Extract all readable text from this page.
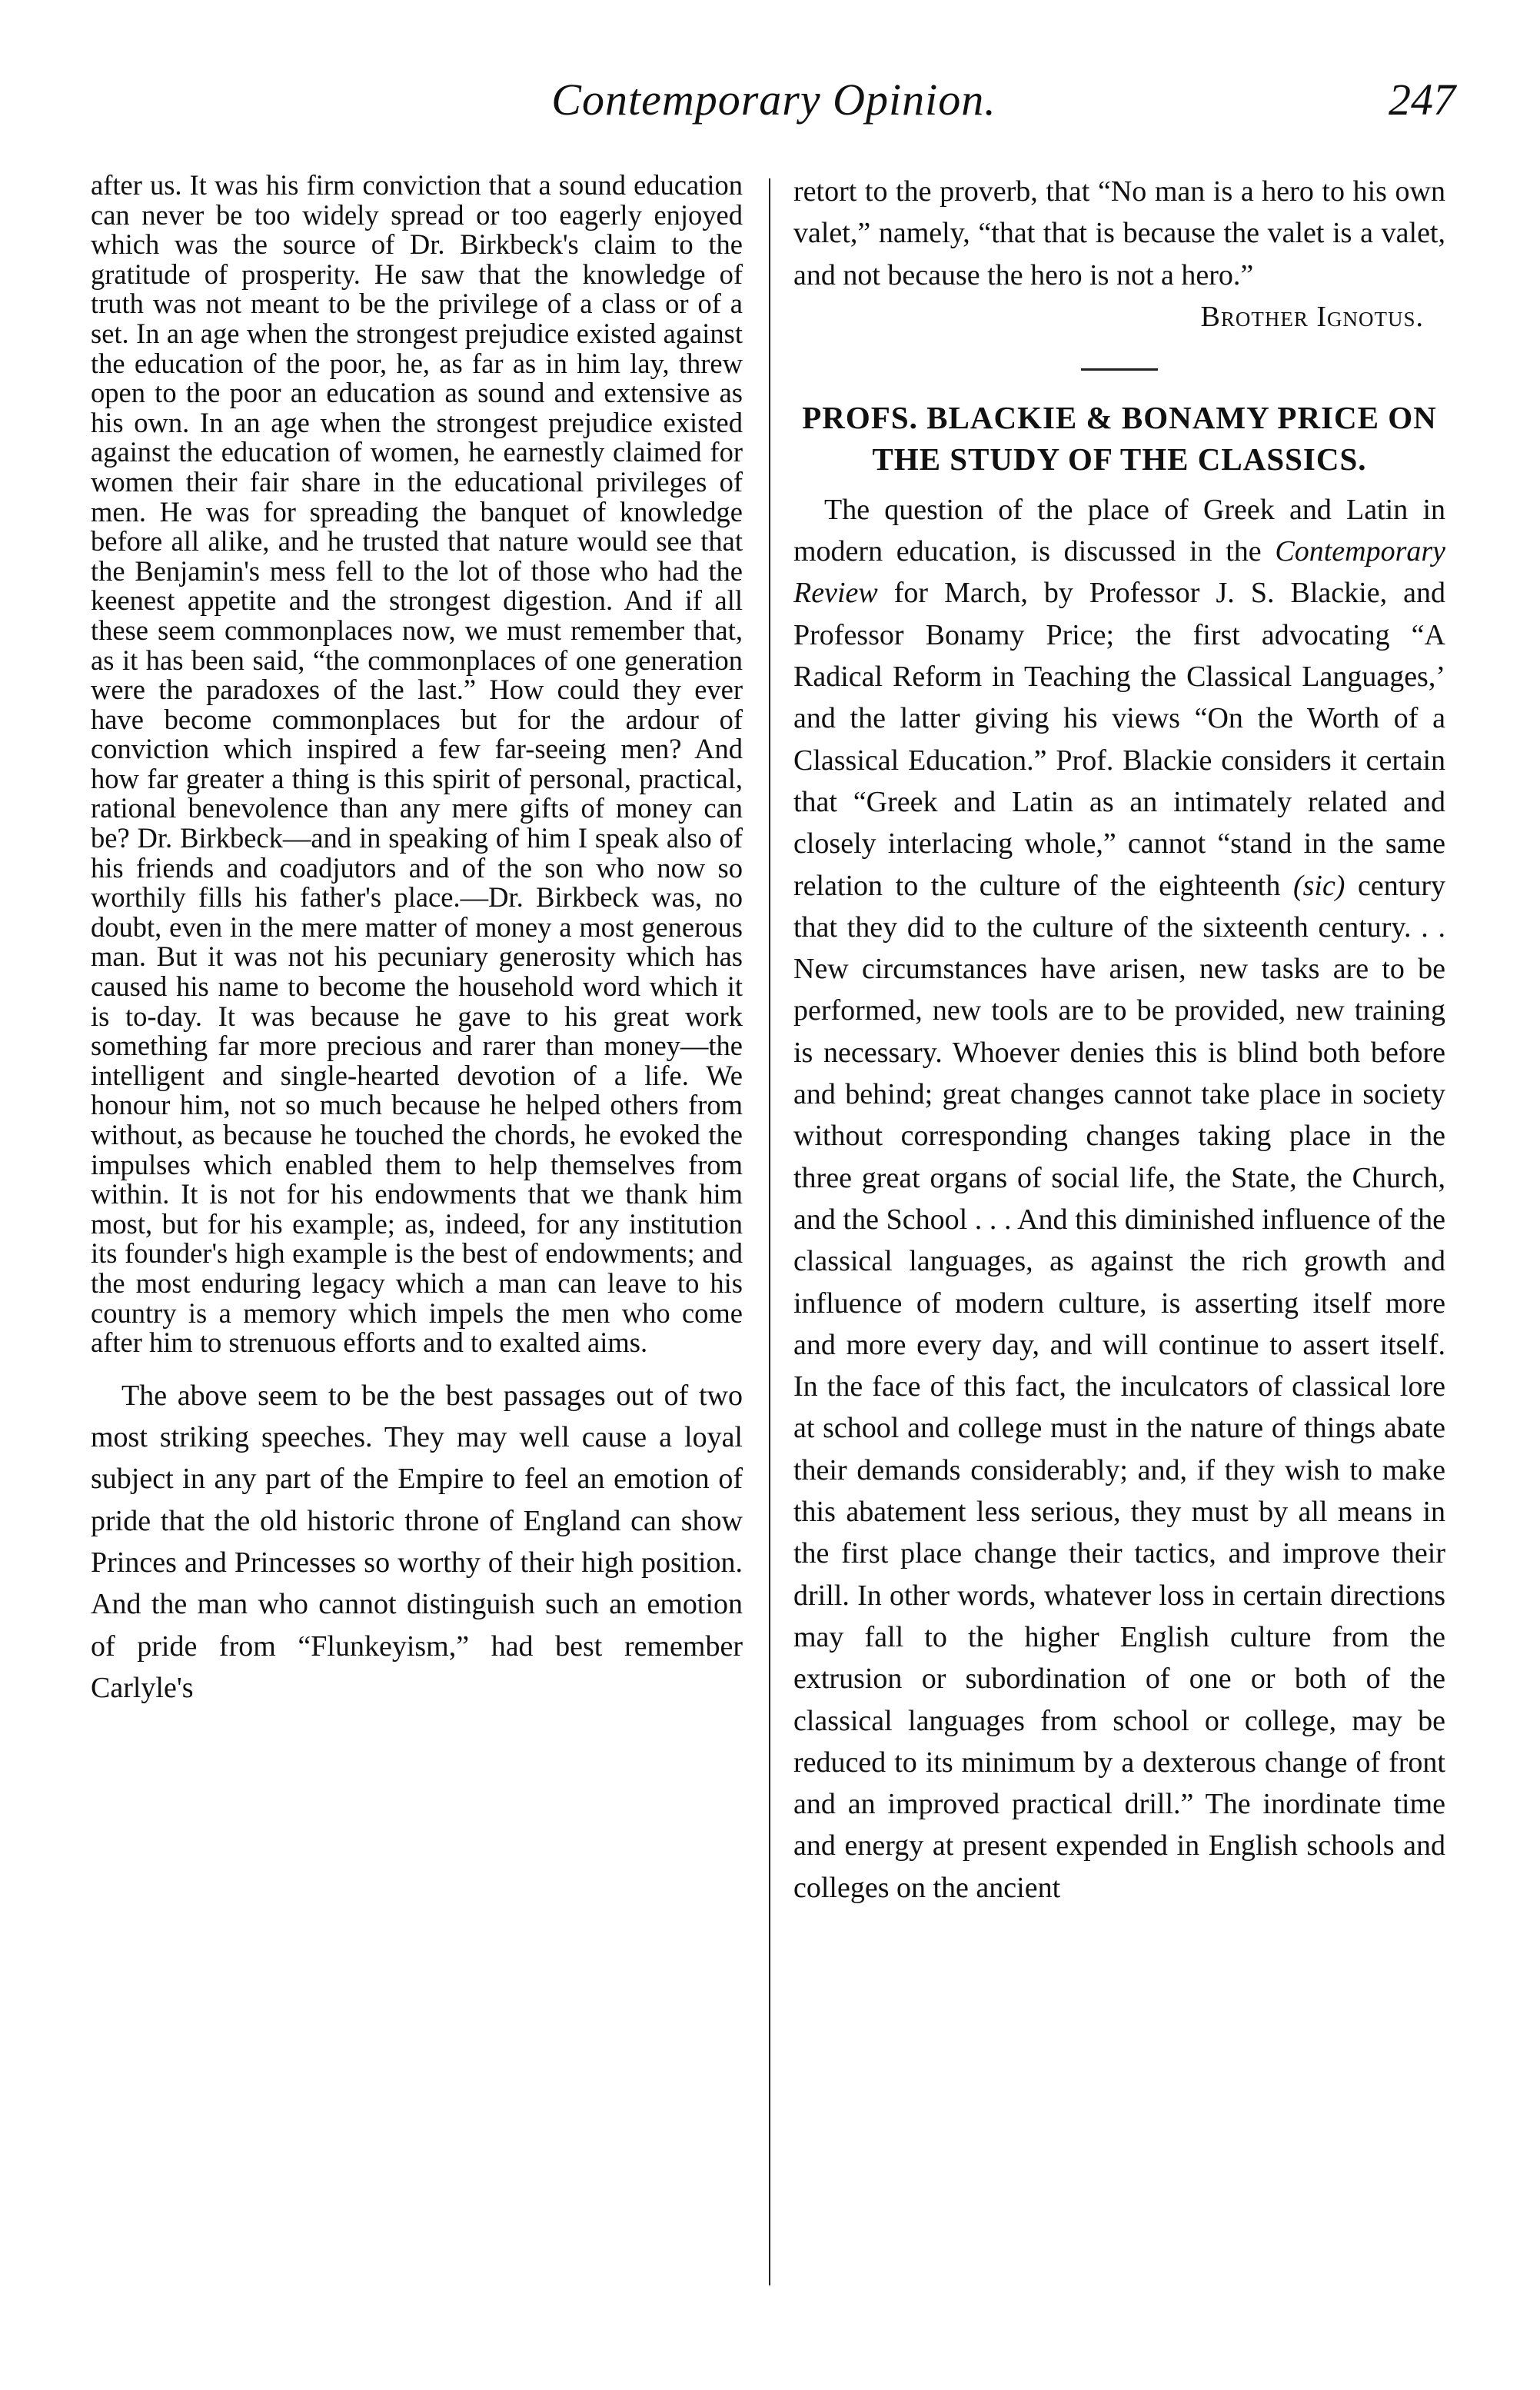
Contemporary Opinion.	247

after us. It was his firm conviction that a sound education can never be too widely spread or too eagerly enjoyed which was the source of Dr. Birkbeck's claim to the gratitude of prosperity. He saw that the knowledge of truth was not meant to be the privilege of a class or of a set. In an age when the strongest prejudice existed against the education of the poor, he, as far as in him lay, threw open to the poor an education as sound and extensive as his own. In an age when the strongest prejudice existed against the education of women, he earnestly claimed for women their fair share in the educational privileges of men. He was for spreading the banquet of knowledge before all alike, and he trusted that nature would see that the Benjamin's mess fell to the lot of those who had the keenest appetite and the strongest digestion. And if all these seem commonplaces now, we must remember that, as it has been said, “the commonplaces of one generation were the paradoxes of the last.” How could they ever have become commonplaces but for the ardour of conviction which inspired a few far-seeing men? And how far greater a thing is this spirit of personal, practical, rational benevolence than any mere gifts of money can be? Dr. Birkbeck—and in speaking of him I speak also of his friends and coadjutors and of the son who now so worthily fills his father's place.—Dr. Birkbeck was, no doubt, even in the mere matter of money a most generous man. But it was not his pecuniary generosity which has caused his name to become the household word which it is to-day. It was because he gave to his great work something far more precious and rarer than money—the intelligent and single-hearted devotion of a life. We honour him, not so much because he helped others from without, as because he touched the chords, he evoked the impulses which enabled them to help themselves from within. It is not for his endowments that we thank him most, but for his example; as, indeed, for any institution its founder's high example is the best of endowments; and the most enduring legacy which a man can leave to his country is a memory which impels the men who come after him to strenuous efforts and to exalted aims.

The above seem to be the best passages out of two most striking speeches. They may well cause a loyal subject in any part of the Empire to feel an emotion of pride that the old historic throne of England can show Princes and Princesses so worthy of their high position. And the man who cannot distinguish such an emotion of pride from “Flunkeyism,” had best remember Carlyle's

retort to the proverb, that “No man is a hero to his own valet,” namely, “that that is because the valet is a valet, and not because the hero is not a hero.”

Brother Ignotus.

PROFS. BLACKIE & BONAMY PRICE ON THE STUDY OF THE CLASSICS.

The question of the place of Greek and Latin in modern education, is discussed in the Contemporary Review for March, by Professor J. S. Blackie, and Professor Bonamy Price; the first advocating “A Radical Reform in Teaching the Classical Languages,’ and the latter giving his views “On the Worth of a Classical Education.” Prof. Blackie considers it certain that “Greek and Latin as an intimately related and closely interlacing whole,” cannot “stand in the same relation to the culture of the eighteenth (sic) century that they did to the culture of the sixteenth century. . . New circumstances have arisen, new tasks are to be performed, new tools are to be provided, new training is necessary. Whoever denies this is blind both before and behind; great changes cannot take place in society without corresponding changes taking place in the three great organs of social life, the State, the Church, and the School . . . And this diminished influence of the classical languages, as against the rich growth and influence of modern culture, is asserting itself more and more every day, and will continue to assert itself. In the face of this fact, the inculcators of classical lore at school and college must in the nature of things abate their demands considerably; and, if they wish to make this abatement less serious, they must by all means in the first place change their tactics, and improve their drill. In other words, whatever loss in certain directions may fall to the higher English culture from the extrusion or subordination of one or both of the classical languages from school or college, may be reduced to its minimum by a dexterous change of front and an improved practical drill.” The inordinate time and energy at present expended in English schools and colleges on the ancient
